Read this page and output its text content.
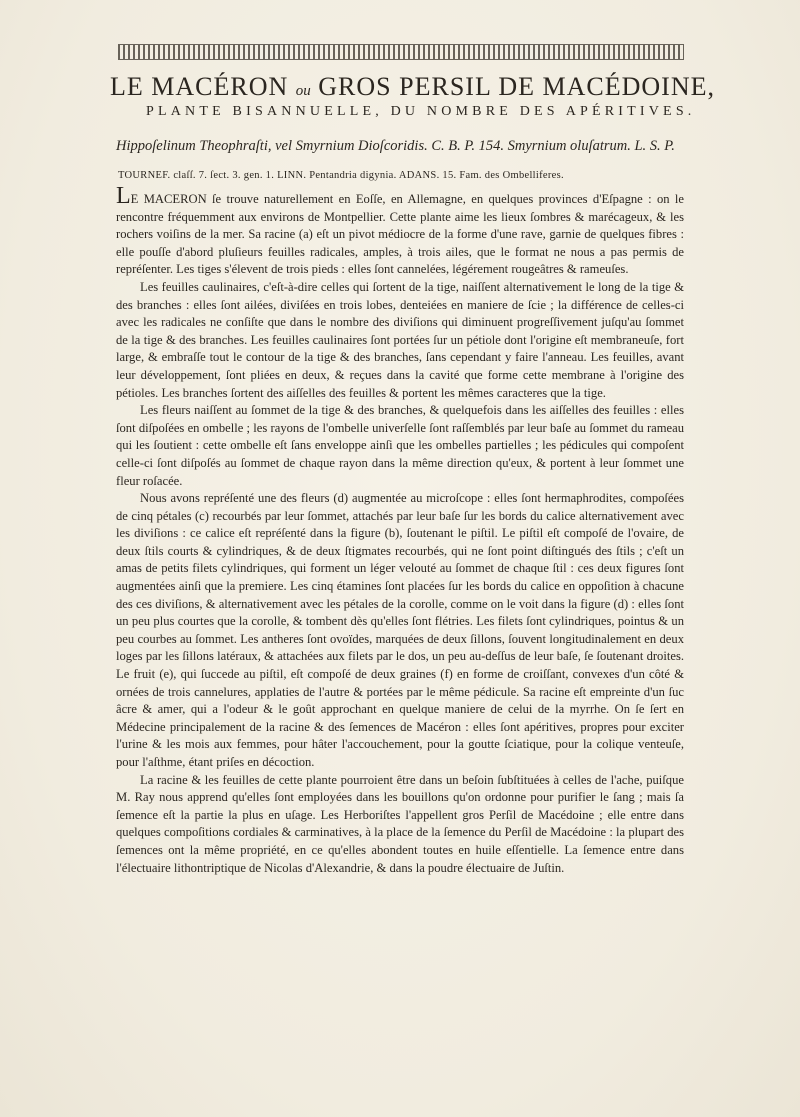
LE MACÉRON ou GROS PERSIL DE MACÉDOINE,

PLANTE BISANNUELLE, DU NOMBRE DES APÉRITIVES.

Hippoſelinum Theophraſti, vel Smyrnium Dioſcoridis. C. B. P. 154. Smyrnium oluſatrum. L. S. P.

TOURNEF. claſſ. 7. ſect. 3. gen. 1. LINN. Pentandria digynia. ADANS. 15. Fam. des Ombelliferes.

LE MACERON ſe trouve naturellement en Eoſſe, en Allemagne, en quelques provinces d'Eſpagne : on le rencontre fréquemment aux environs de Montpellier. Cette plante aime les lieux ſombres & marécageux, & les rochers voiſins de la mer. Sa racine (a) eſt un pivot médiocre de la forme d'une rave, garnie de quelques fibres : elle pouſſe d'abord pluſieurs feuilles radicales, amples, à trois ailes, que le format ne nous a pas permis de repréſenter. Les tiges s'élevent de trois pieds : elles ſont cannelées, légérement rougeâtres & rameuſes.

Les feuilles caulinaires, c'eſt-à-dire celles qui ſortent de la tige, naiſſent alternativement le long de la tige & des branches : elles ſont ailées, diviſées en trois lobes, denteiées en maniere de ſcie ; la différence de celles-ci avec les radicales ne conſiſte que dans le nombre des diviſions qui diminuent progreſſivement juſqu'au ſommet de la tige & des branches. Les feuilles caulinaires ſont portées ſur un pétiole dont l'origine eſt membraneuſe, fort large, & embraſſe tout le contour de la tige & des branches, ſans cependant y faire l'anneau. Les feuilles, avant leur développement, ſont pliées en deux, & reçues dans la cavité que forme cette membrane à l'origine des pétioles. Les branches ſortent des aiſſelles des feuilles & portent les mêmes caracteres que la tige.

Les fleurs naiſſent au ſommet de la tige & des branches, & quelquefois dans les aiſſelles des feuilles : elles ſont diſpoſées en ombelle ; les rayons de l'ombelle univerſelle ſont raſſemblés par leur baſe au ſommet du rameau qui les ſoutient : cette ombelle eſt ſans enveloppe ainſi que les ombelles partielles ; les pédicules qui compoſent celle-ci ſont diſpoſés au ſommet de chaque rayon dans la même direction qu'eux, & portent à leur ſommet une fleur roſacée.

Nous avons repréſenté une des fleurs (d) augmentée au microſcope : elles ſont hermaphrodites, compoſées de cinq pétales (c) recourbés par leur ſommet, attachés par leur baſe ſur les bords du calice alternativement avec les diviſions : ce calice eſt repréſenté dans la figure (b), ſoutenant le piſtil. Le piſtil eſt compoſé de l'ovaire, de deux ſtils courts & cylindriques, & de deux ſtigmates recourbés, qui ne ſont point diſtingués des ſtils ; c'eſt un amas de petits filets cylindriques, qui forment un léger velouté au ſommet de chaque ſtil : ces deux figures ſont augmentées ainſi que la premiere. Les cinq étamines ſont placées ſur les bords du calice en oppoſition à chacune des ces diviſions, & alternativement avec les pétales de la corolle, comme on le voit dans la figure (d) : elles ſont un peu plus courtes que la corolle, & tombent dès qu'elles ſont flétries. Les filets ſont cylindriques, pointus & un peu courbes au ſommet. Les antheres ſont ovoïdes, marquées de deux ſillons, ſouvent longitudinalement en deux loges par les ſillons latéraux, & attachées aux filets par le dos, un peu au-deſſus de leur baſe, ſe ſoutenant droites. Le fruit (e), qui ſuccede au piſtil, eſt compoſé de deux graines (f) en forme de croiſſant, convexes d'un côté & ornées de trois cannelures, applaties de l'autre & portées par le même pédicule. Sa racine eſt empreinte d'un ſuc âcre & amer, qui a l'odeur & le goût approchant en quelque maniere de celui de la myrrhe. On ſe ſert en Médecine principalement de la racine & des ſemences de Macéron : elles ſont apéritives, propres pour exciter l'urine & les mois aux femmes, pour hâter l'accouchement, pour la goutte ſciatique, pour la colique venteuſe, pour l'aſthme, étant priſes en décoction.

La racine & les feuilles de cette plante pourroient être dans un beſoin ſubſtituées à celles de l'ache, puiſque M. Ray nous apprend qu'elles ſont employées dans les bouillons qu'on ordonne pour purifier le ſang ; mais ſa ſemence eſt la partie la plus en uſage. Les Herboriſtes l'appellent gros Perſil de Macédoine ; elle entre dans quelques compoſitions cordiales & carminatives, à la place de la ſemence du Perſil de Macédoine : la plupart des ſemences ont la même propriété, en ce qu'elles abondent toutes en huile eſſentielle. La ſemence entre dans l'électuaire lithontriptique de Nicolas d'Alexandrie, & dans la poudre électuaire de Juſtin.
